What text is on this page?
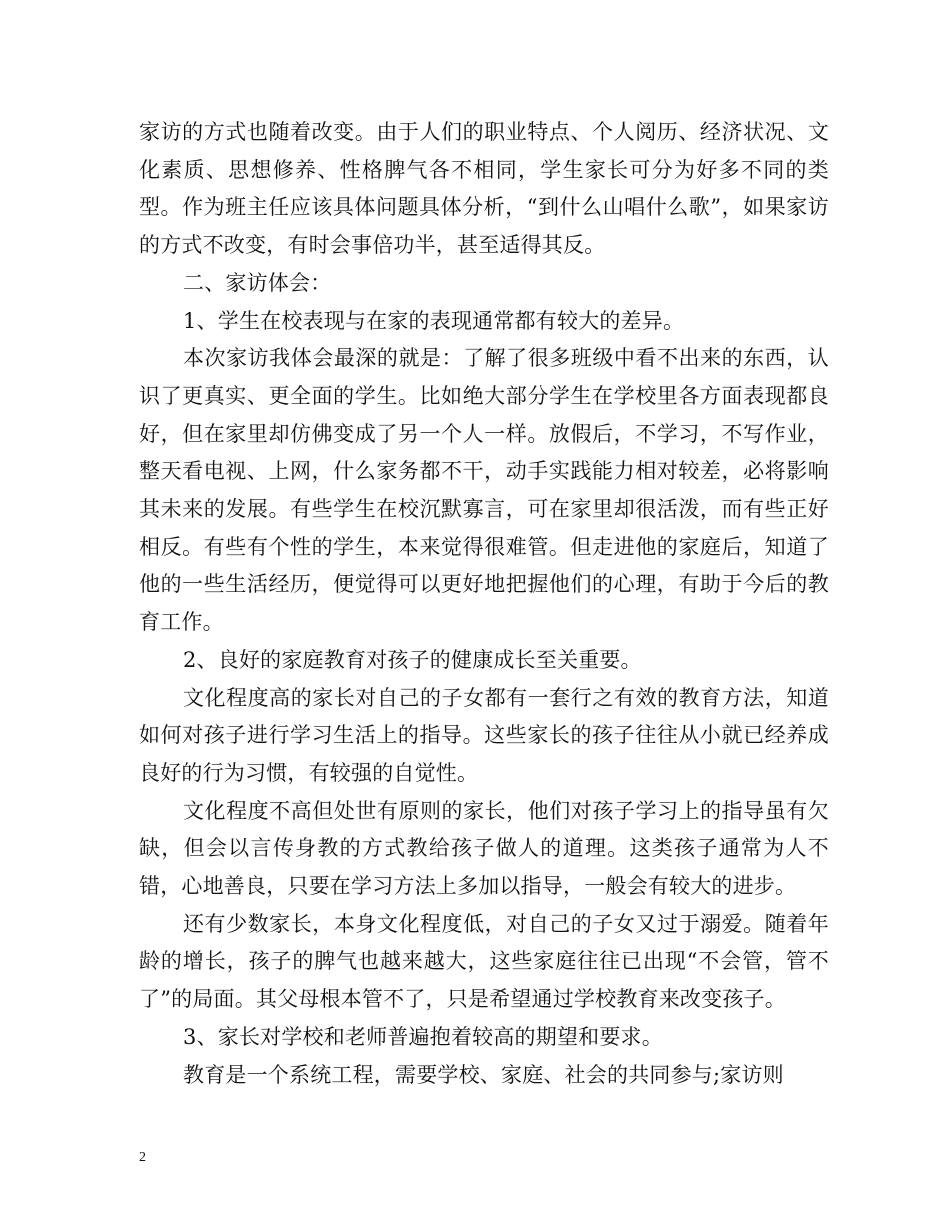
家访的方式也随着改变。由于人们的职业特点、个人阅历、经济状况、文化素质、思想修养、性格脾气各不相同，学生家长可分为好多不同的类型。作为班主任应该具体问题具体分析，“到什么山唱什么歌”，如果家访的方式不改变，有时会事倍功半，甚至适得其反。

二、家访体会：

1、学生在校表现与在家的表现通常都有较大的差异。

本次家访我体会最深的就是：了解了很多班级中看不出来的东西，认识了更真实、更全面的学生。比如绝大部分学生在学校里各方面表现都良好，但在家里却仿佛变成了另一个人一样。放假后，不学习，不写作业，整天看电视、上网，什么家务都不干，动手实践能力相对较差，必将影响其未来的发展。有些学生在校沉默寡言，可在家里却很活泼，而有些正好相反。有些有个性的学生，本来觉得很难管。但走进他的家庭后，知道了他的一些生活经历，便觉得可以更好地把握他们的心理，有助于今后的教育工作。

2、良好的家庭教育对孩子的健康成长至关重要。

文化程度高的家长对自己的子女都有一套行之有效的教育方法，知道如何对孩子进行学习生活上的指导。这些家长的孩子往往从小就已经养成良好的行为习惯，有较强的自觉性。

文化程度不高但处世有原则的家长，他们对孩子学习上的指导虽有欠缺，但会以言传身教的方式教给孩子做人的道理。这类孩子通常为人不错，心地善良，只要在学习方法上多加以指导，一般会有较大的进步。

还有少数家长，本身文化程度低，对自己的子女又过于溺爱。随着年龄的增长，孩子的脾气也越来越大，这些家庭往往已出现“不会管，管不了”的局面。其父母根本管不了，只是希望通过学校教育来改变孩子。

3、家长对学校和老师普遍抱着较高的期望和要求。

教育是一个系统工程，需要学校、家庭、社会的共同参与;家访则

2
